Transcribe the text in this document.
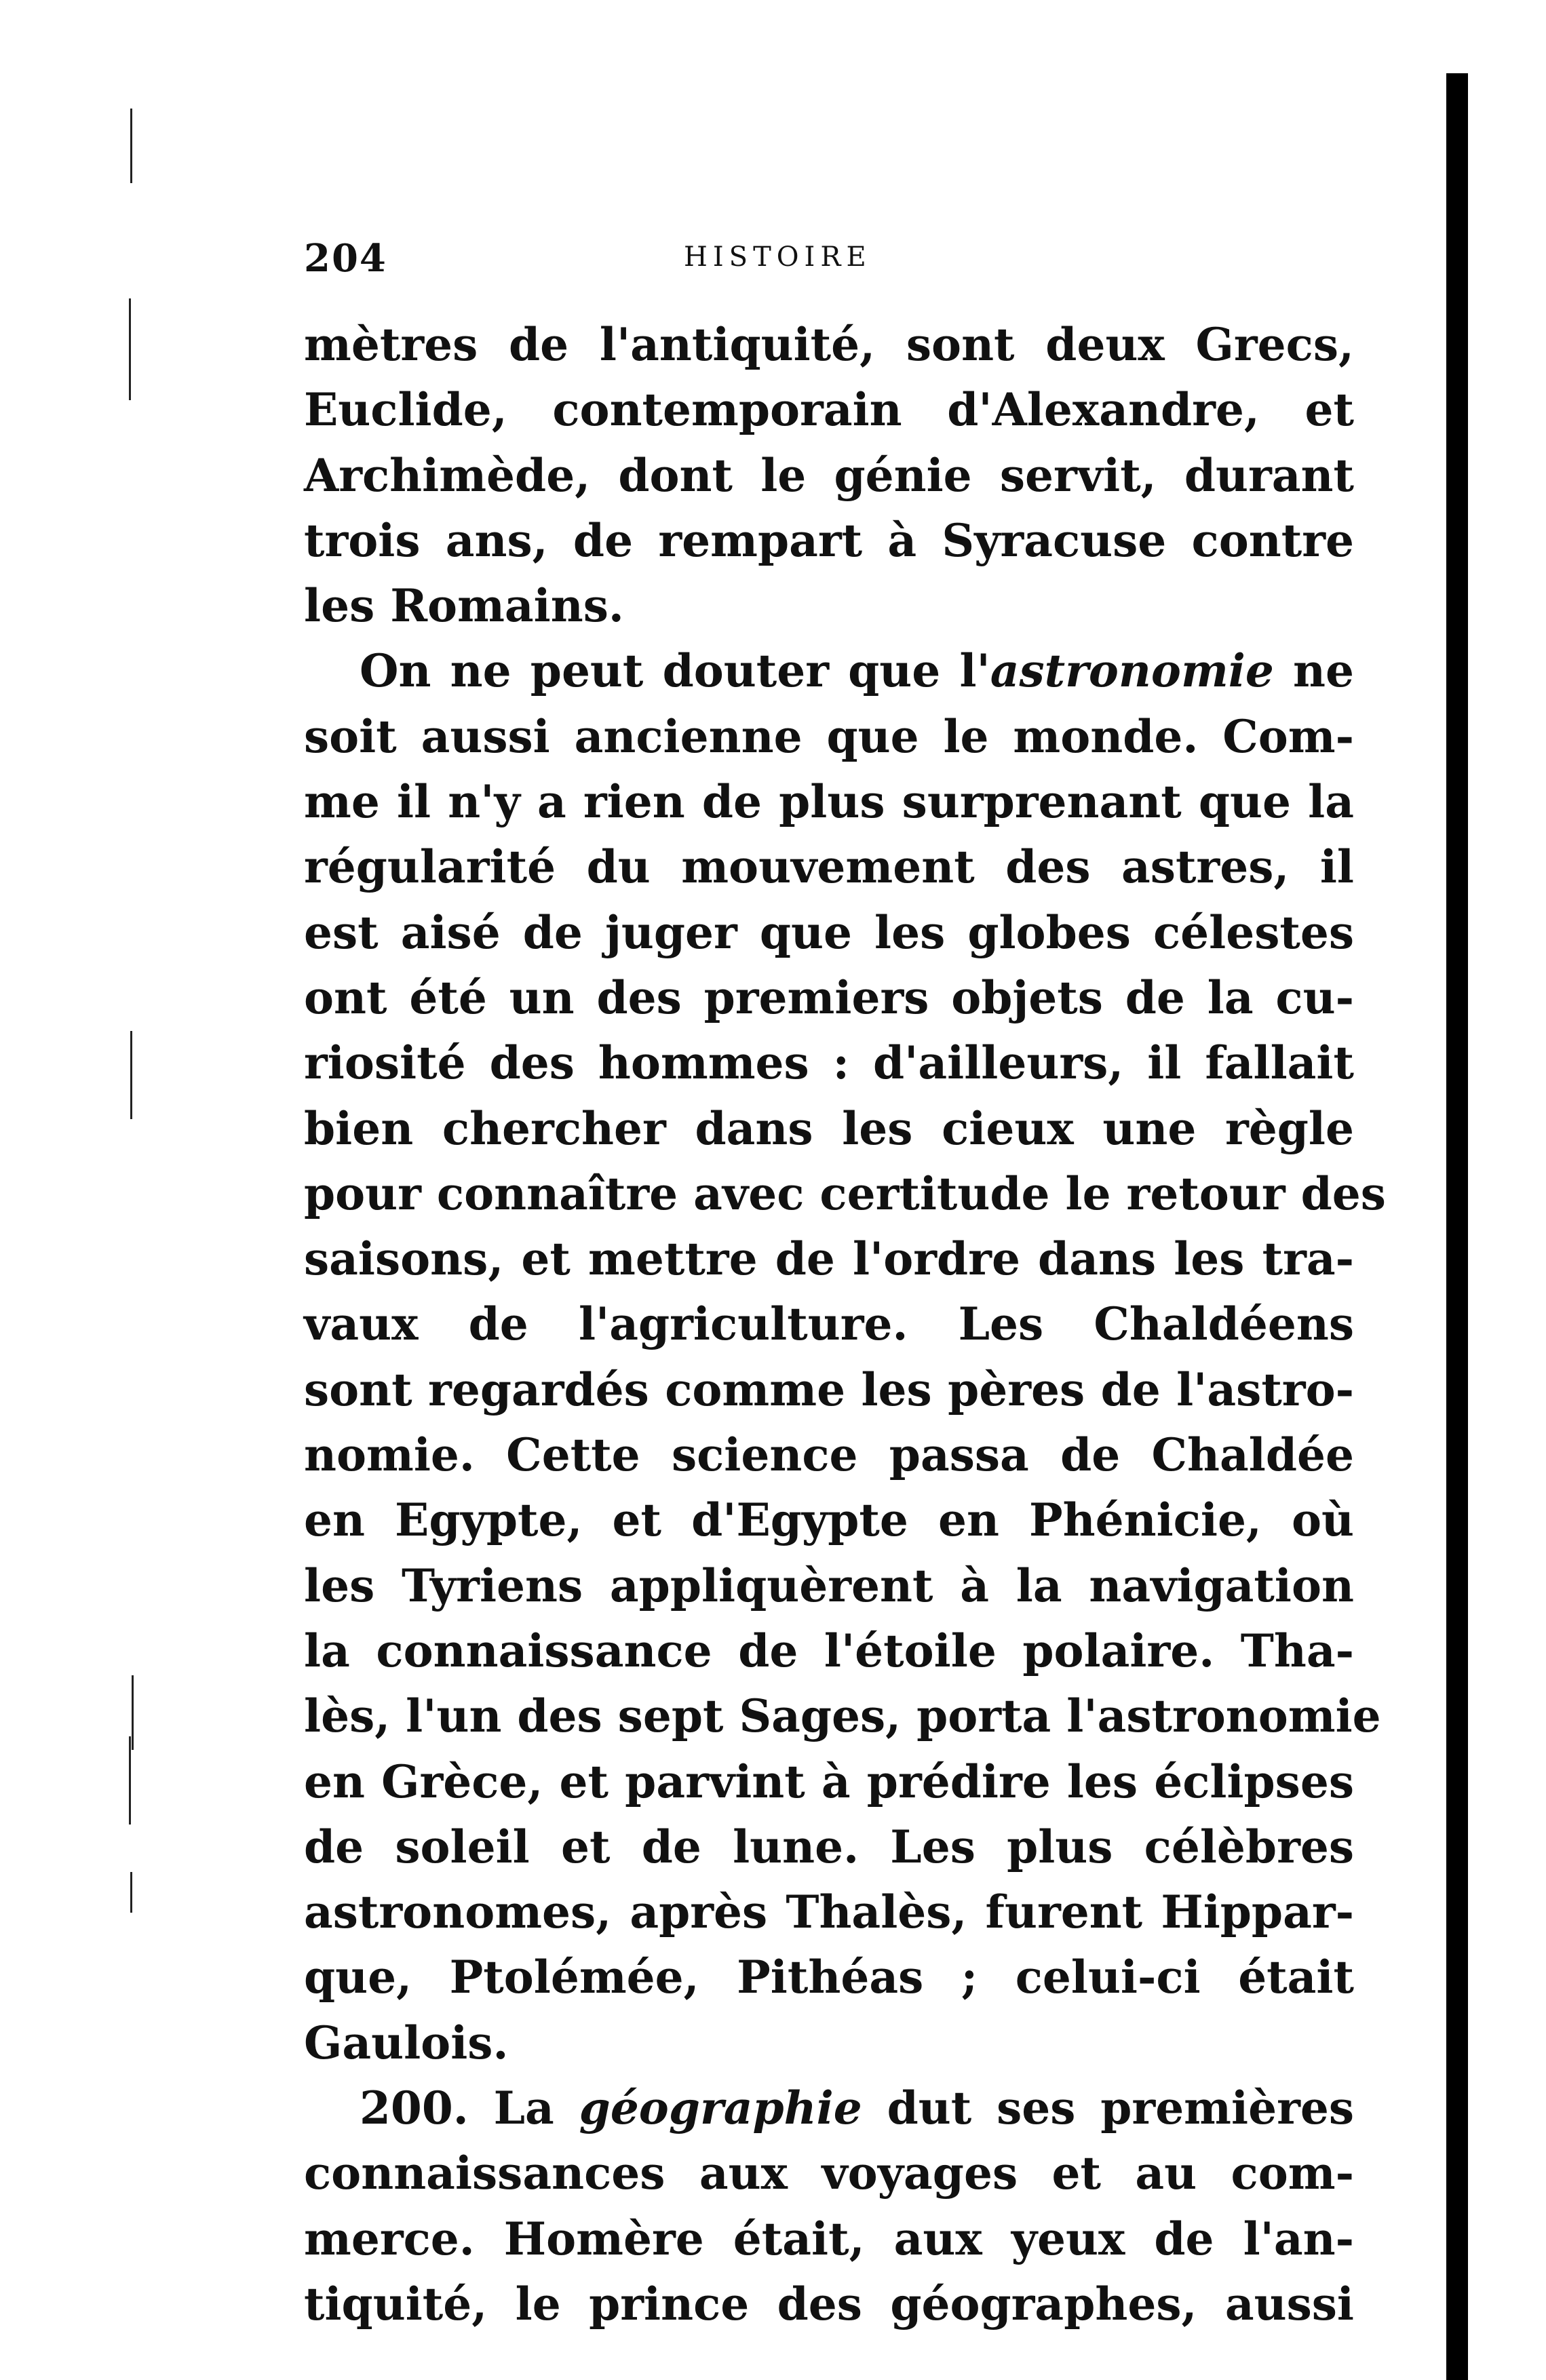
204	HISTOIRE
mètres de l'antiquité, sont deux Grecs,
Euclide, contemporain d'Alexandre, et
Archimède, dont le génie servit, durant
trois ans, de rempart à Syracuse contre
les Romains.
On ne peut douter que l'astronomie ne
soit aussi ancienne que le monde. Com-
me il n'y a rien de plus surprenant que la
régularité du mouvement des astres, il
est aisé de juger que les globes célestes
ont été un des premiers objets de la cu-
riosité des hommes : d'ailleurs, il fallait
bien chercher dans les cieux une règle
pour connaître avec certitude le retour des
saisons, et mettre de l'ordre dans les tra-
vaux de l'agriculture. Les Chaldéens
sont regardés comme les pères de l'astro-
nomie. Cette science passa de Chaldée
en Egypte, et d'Egypte en Phénicie, où
les Tyriens appliquèrent à la navigation
la connaissance de l'étoile polaire. Tha-
lès, l'un des sept Sages, porta l'astronomie
en Grèce, et parvint à prédire les éclipses
de soleil et de lune. Les plus célèbres
astronomes, après Thalès, furent Hippar-
que, Ptolémée, Pithéas ; celui-ci était
Gaulois.
200. La géographie dut ses premières
connaissances aux voyages et au com-
merce. Homère était, aux yeux de l'an-
tiquité, le prince des géographes, aussi
